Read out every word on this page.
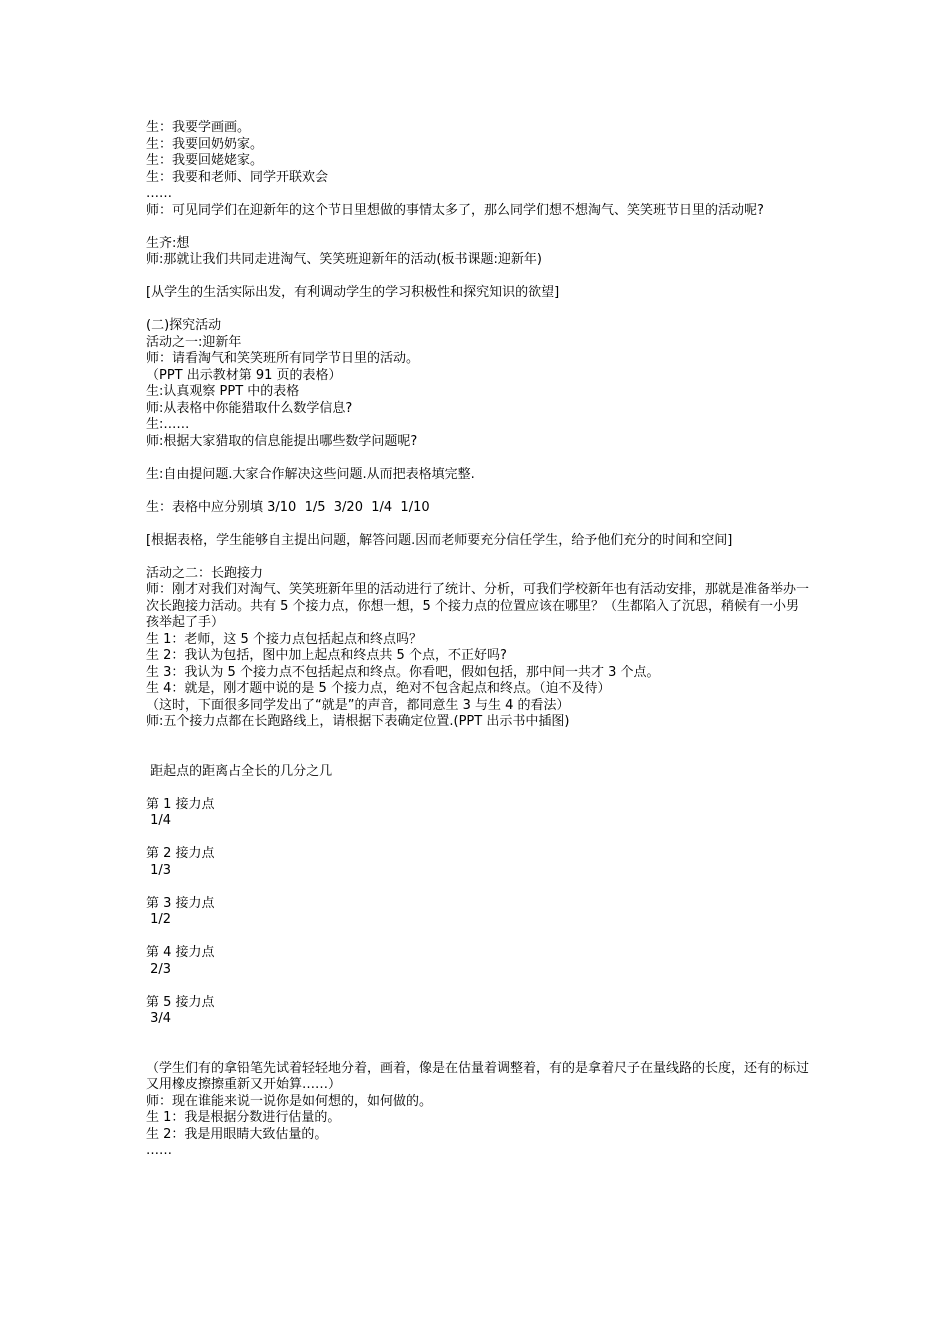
生：我要学画画。
生：我要回奶奶家。
生：我要回姥姥家。
生：我要和老师、同学开联欢会
……
师：可见同学们在迎新年的这个节日里想做的事情太多了，那么同学们想不想淘气、笑笑班节日里的活动呢?
生齐:想
师:那就让我们共同走进淘气、笑笑班迎新年的活动(板书课题:迎新年)
[从学生的生活实际出发，有利调动学生的学习积极性和探究知识的欲望]
(二)探究活动
活动之一:迎新年
师：请看淘气和笑笑班所有同学节日里的活动。
（PPT 出示教材第 91 页的表格）
生:认真观察 PPT 中的表格
师:从表格中你能猎取什么数学信息?
生:……
师:根据大家猎取的信息能提出哪些数学问题呢?
生:自由提问题.大家合作解决这些问题.从而把表格填完整.
生：表格中应分别填 3/10  1/5  3/20  1/4  1/10
[根据表格，学生能够自主提出问题，解答问题.因而老师要充分信任学生，给予他们充分的时间和空间]
活动之二：长跑接力
师：刚才对我们对淘气、笑笑班新年里的活动进行了统计、分析，可我们学校新年也有活动安排，那就是准备举办一次长跑接力活动。共有 5 个接力点，你想一想，5 个接力点的位置应该在哪里？（生都陷入了沉思，稍候有一小男孩举起了手）
生 1：老师，这 5 个接力点包括起点和终点吗？
生 2：我认为包括，图中加上起点和终点共 5 个点，不正好吗?
生 3：我认为 5 个接力点不包括起点和终点。你看吧，假如包括，那中间一共才 3 个点。
生 4：就是，刚才题中说的是 5 个接力点，绝对不包含起点和终点。（迫不及待）
（这时，下面很多同学发出了“就是”的声音，都同意生 3 与生 4 的看法）
师:五个接力点都在长跑路线上，请根据下表确定位置.(PPT 出示书中插图)
距起点的距离占全长的几分之几
第 1 接力点
1/4
第 2 接力点
1/3
第 3 接力点
1/2
第 4 接力点
2/3
第 5 接力点
3/4
（学生们有的拿铅笔先试着轻轻地分着，画着，像是在估量着调整着，有的是拿着尺子在量线路的长度，还有的标过又用橡皮擦擦重新又开始算……）
师：现在谁能来说一说你是如何想的，如何做的。
生 1：我是根据分数进行估量的。
生 2：我是用眼睛大致估量的。
……
